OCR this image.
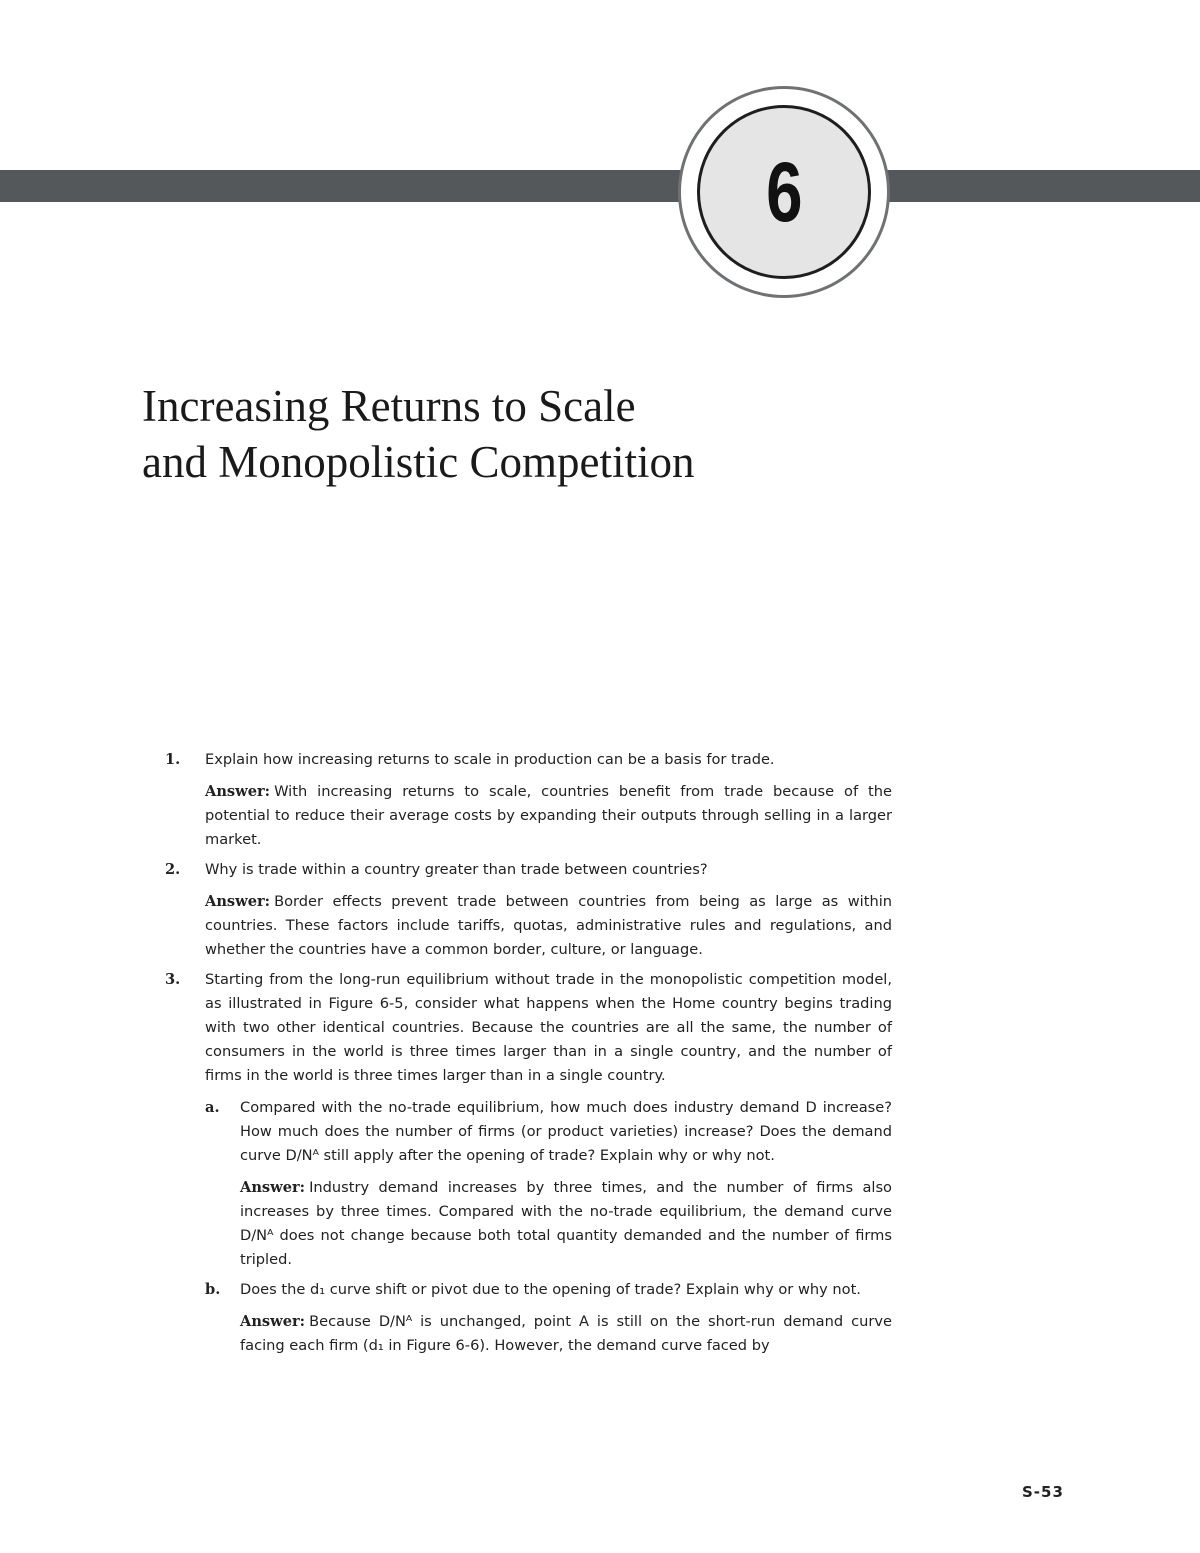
6
Increasing Returns to Scale
and Monopolistic Competition
1. Explain how increasing returns to scale in production can be a basis for trade.

Answer: With increasing returns to scale, countries benefit from trade because of the potential to reduce their average costs by expanding their outputs through selling in a larger market.

2. Why is trade within a country greater than trade between countries?

Answer: Border effects prevent trade between countries from being as large as within countries. These factors include tariffs, quotas, administrative rules and regulations, and whether the countries have a common border, culture, or language.

3. Starting from the long-run equilibrium without trade in the monopolistic competition model, as illustrated in Figure 6-5, consider what happens when the Home country begins trading with two other identical countries. Because the countries are all the same, the number of consumers in the world is three times larger than in a single country, and the number of firms in the world is three times larger than in a single country.

a. Compared with the no-trade equilibrium, how much does industry demand D increase? How much does the number of firms (or product varieties) increase? Does the demand curve D/Nᴬ still apply after the opening of trade? Explain why or why not.

Answer: Industry demand increases by three times, and the number of firms also increases by three times. Compared with the no-trade equilibrium, the demand curve D/Nᴬ does not change because both total quantity demanded and the number of firms tripled.

b. Does the d₁ curve shift or pivot due to the opening of trade? Explain why or why not.

Answer: Because D/Nᴬ is unchanged, point A is still on the short-run demand curve facing each firm (d₁ in Figure 6-6). However, the demand curve faced by

S-53
